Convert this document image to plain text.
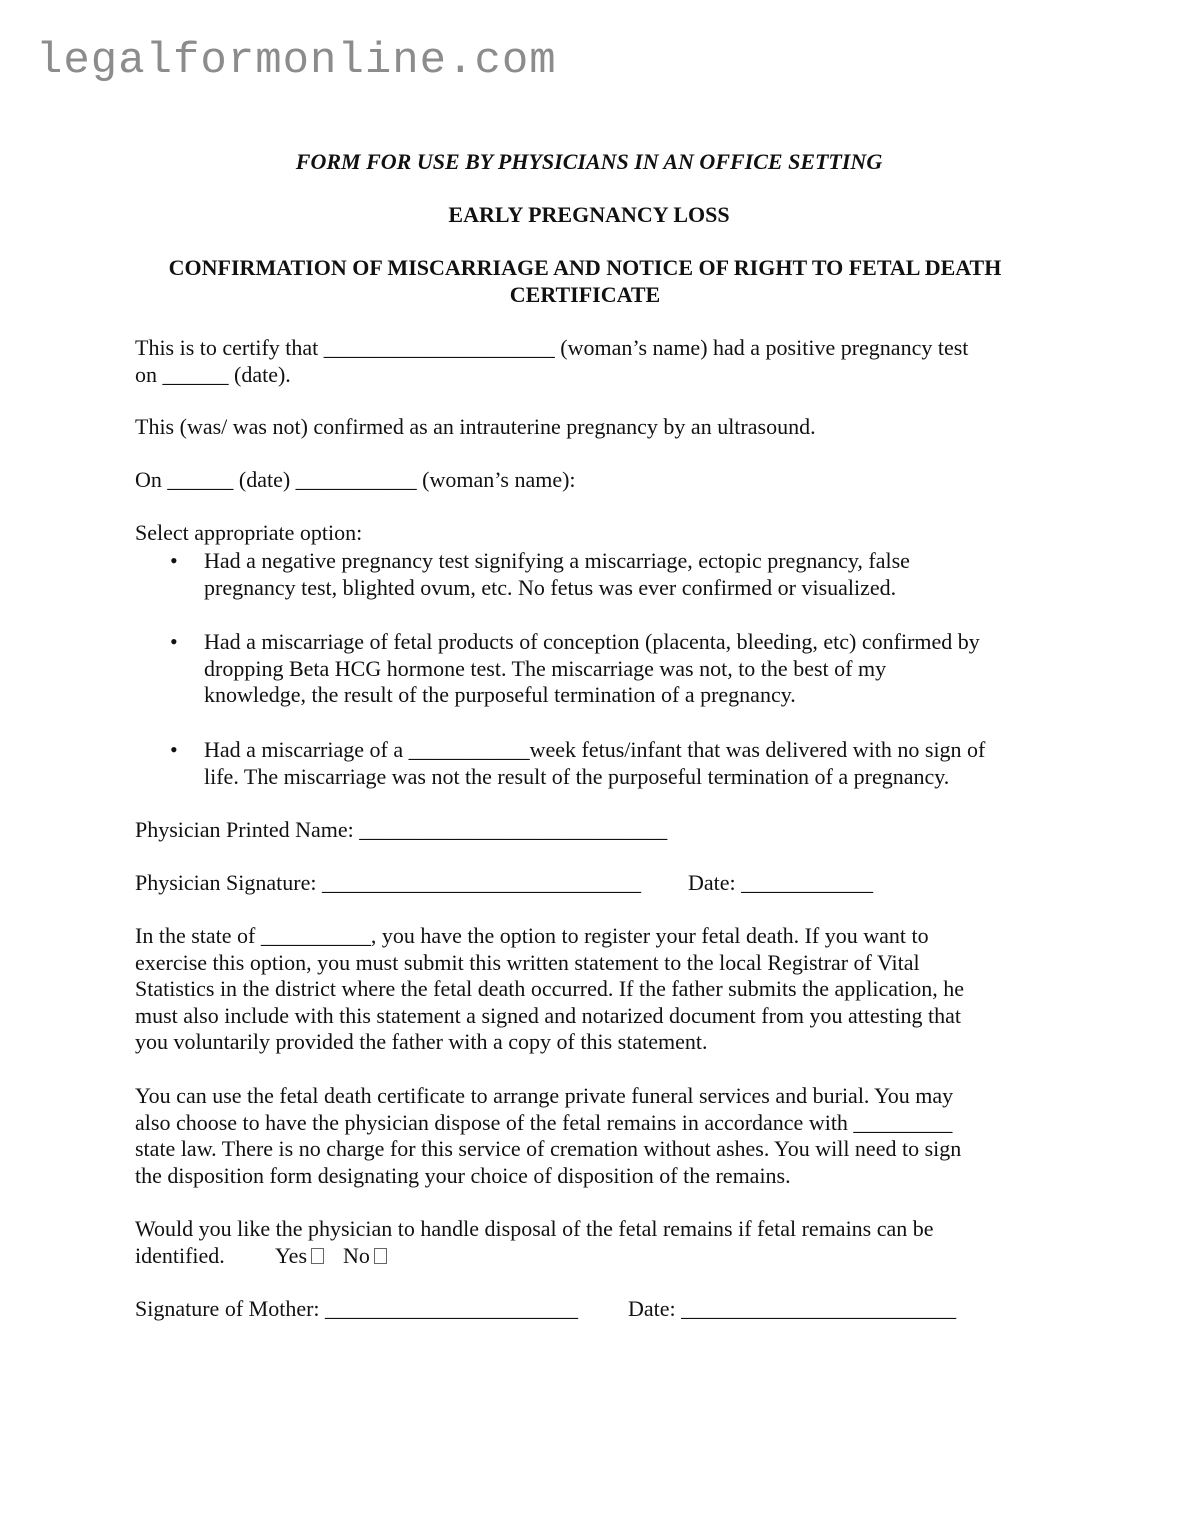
legalformonline.com
FORM FOR USE BY PHYSICIANS IN AN OFFICE SETTING
EARLY PREGNANCY LOSS
CONFIRMATION OF MISCARRIAGE AND NOTICE OF RIGHT TO FETAL DEATH CERTIFICATE
This is to certify that _____________________ (woman’s name) had a positive pregnancy test
on ______ (date).
This (was/ was not) confirmed as an intrauterine pregnancy by an ultrasound.
On ______ (date) ___________ (woman’s name):
Select appropriate option:
• Had a negative pregnancy test signifying a miscarriage, ectopic pregnancy, false
pregnancy test, blighted ovum, etc. No fetus was ever confirmed or visualized.
• Had a miscarriage of fetal products of conception (placenta, bleeding, etc) confirmed by
dropping Beta HCG hormone test. The miscarriage was not, to the best of my
knowledge, the result of the purposeful termination of a pregnancy.
• Had a miscarriage of a ___________week fetus/infant that was delivered with no sign of
life. The miscarriage was not the result of the purposeful termination of a pregnancy.
Physician Printed Name: ____________________________
Physician Signature: _____________________________ Date: ____________
In the state of __________, you have the option to register your fetal death. If you want to
exercise this option, you must submit this written statement to the local Registrar of Vital
Statistics in the district where the fetal death occurred. If the father submits the application, he
must also include with this statement a signed and notarized document from you attesting that
you voluntarily provided the father with a copy of this statement.
You can use the fetal death certificate to arrange private funeral services and burial. You may
also choose to have the physician dispose of the fetal remains in accordance with _________
state law. There is no charge for this service of cremation without ashes. You will need to sign
the disposition form designating your choice of disposition of the remains.
Would you like the physician to handle disposal of the fetal remains if fetal remains can be
identified. Yes No
Signature of Mother: _______________________ Date: _________________________
